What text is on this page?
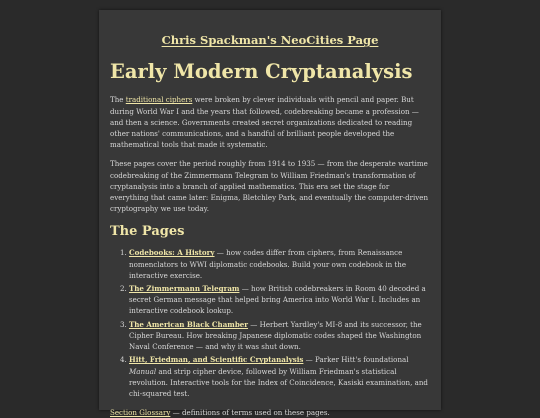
Chris Spackman's NeoCities Page
Early Modern Cryptanalysis

The traditional ciphers were broken by clever individuals with pencil and paper. But during World War I and the years that followed, codebreaking became a profession — and then a science. Governments created secret organizations dedicated to reading other nations' communications, and a handful of brilliant people developed the mathematical tools that made it systematic.

These pages cover the period roughly from 1914 to 1935 — from the desperate wartime codebreaking of the Zimmermann Telegram to William Friedman's transformation of cryptanalysis into a branch of applied mathematics. This era set the stage for everything that came later: Enigma, Bletchley Park, and eventually the computer-driven cryptography we use today.

The Pages
1. Codebooks: A History — how codes differ from ciphers, from Renaissance nomenclators to WWI diplomatic codebooks. Build your own codebook in the interactive exercise.
2. The Zimmermann Telegram — how British codebreakers in Room 40 decoded a secret German message that helped bring America into World War I. Includes an interactive codebook lookup.
3. The American Black Chamber — Herbert Yardley's MI-8 and its successor, the Cipher Bureau. How breaking Japanese diplomatic codes shaped the Washington Naval Conference — and why it was shut down.
4. Hitt, Friedman, and Scientific Cryptanalysis — Parker Hitt's foundational Manual and strip cipher device, followed by William Friedman's statistical revolution. Interactive tools for the Index of Coincidence, Kasiski examination, and chi-squared test.
Section Glossary — definitions of terms used on these pages.
